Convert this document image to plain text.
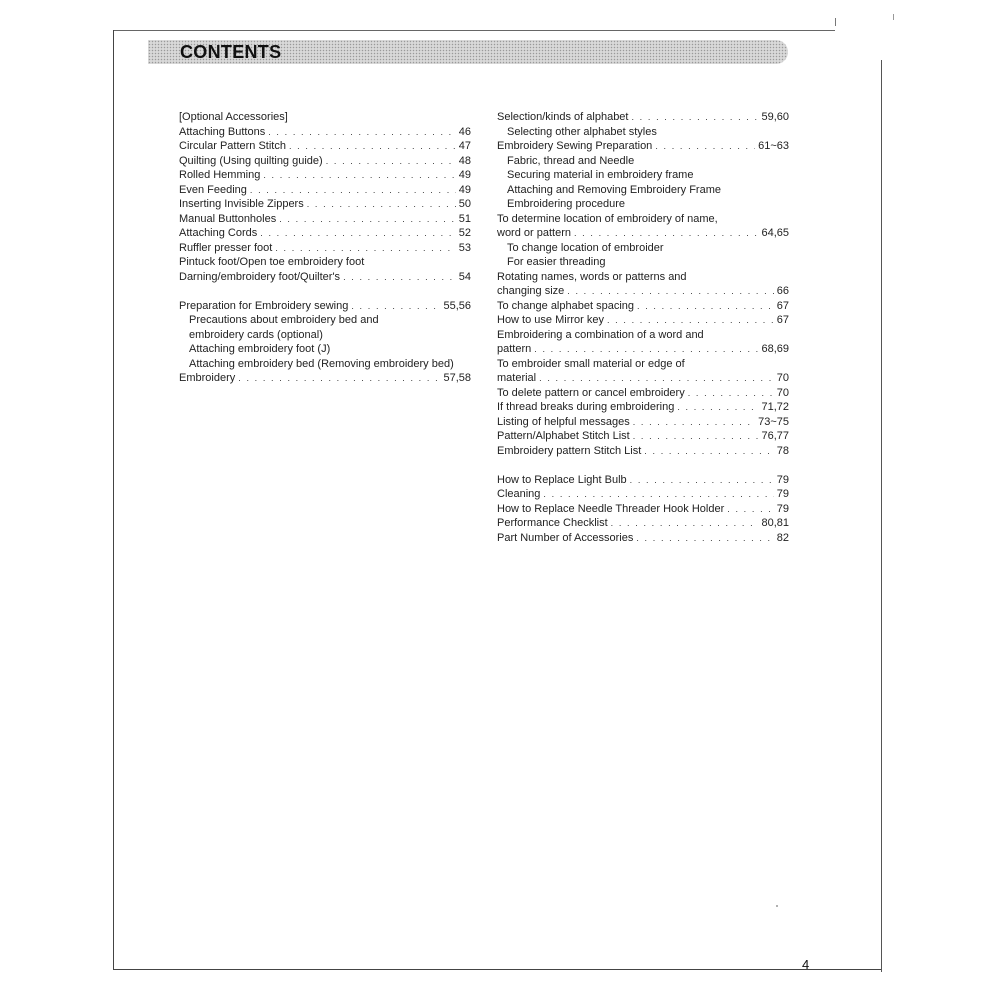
CONTENTS
[Optional Accessories]
Attaching Buttons . . .	46
Circular Pattern Stitch . . .	47
Quilting (Using quilting guide) . . .	48
Rolled Hemming . . .	49
Even Feeding . . .	49
Inserting Invisible Zippers . . .	50
Manual Buttonholes . . .	51
Attaching Cords . . .	52
Ruffler presser foot . . .	53
Pintuck foot/Open toe embroidery foot
Darning/embroidery foot/Quilter's . . .	54
Preparation for Embroidery sewing . . .	55,56
Precautions about embroidery bed and
embroidery cards (optional)
Attaching embroidery foot (J)
Attaching embroidery bed (Removing embroidery bed)
Embroidery . . .	57,58
Selection/kinds of alphabet . . .	59,60
Selecting other alphabet styles
Embroidery Sewing Preparation . . .	61~63
Fabric, thread and Needle
Securing material in embroidery frame
Attaching and Removing Embroidery Frame
Embroidering procedure
To determine location of embroidery of name,
word or pattern . . .	64,65
To change location of embroider
For easier threading
Rotating names, words or patterns and
changing size . . .	66
To change alphabet spacing . . .	67
How to use Mirror key . . .	67
Embroidering a combination of a word and
pattern . . .	68,69
To embroider small material or edge of
material . . .	70
To delete pattern or cancel embroidery . . .	70
If thread breaks during embroidering . . .	71,72
Listing of helpful messages . . .	73~75
Pattern/Alphabet Stitch List . . .	76,77
Embroidery pattern Stitch List . . .	78
How to Replace Light Bulb . . .	79
Cleaning . . .	79
How to Replace Needle Threader Hook Holder . . .	79
Performance Checklist . . .	80,81
Part Number of Accessories . . .	82
4
